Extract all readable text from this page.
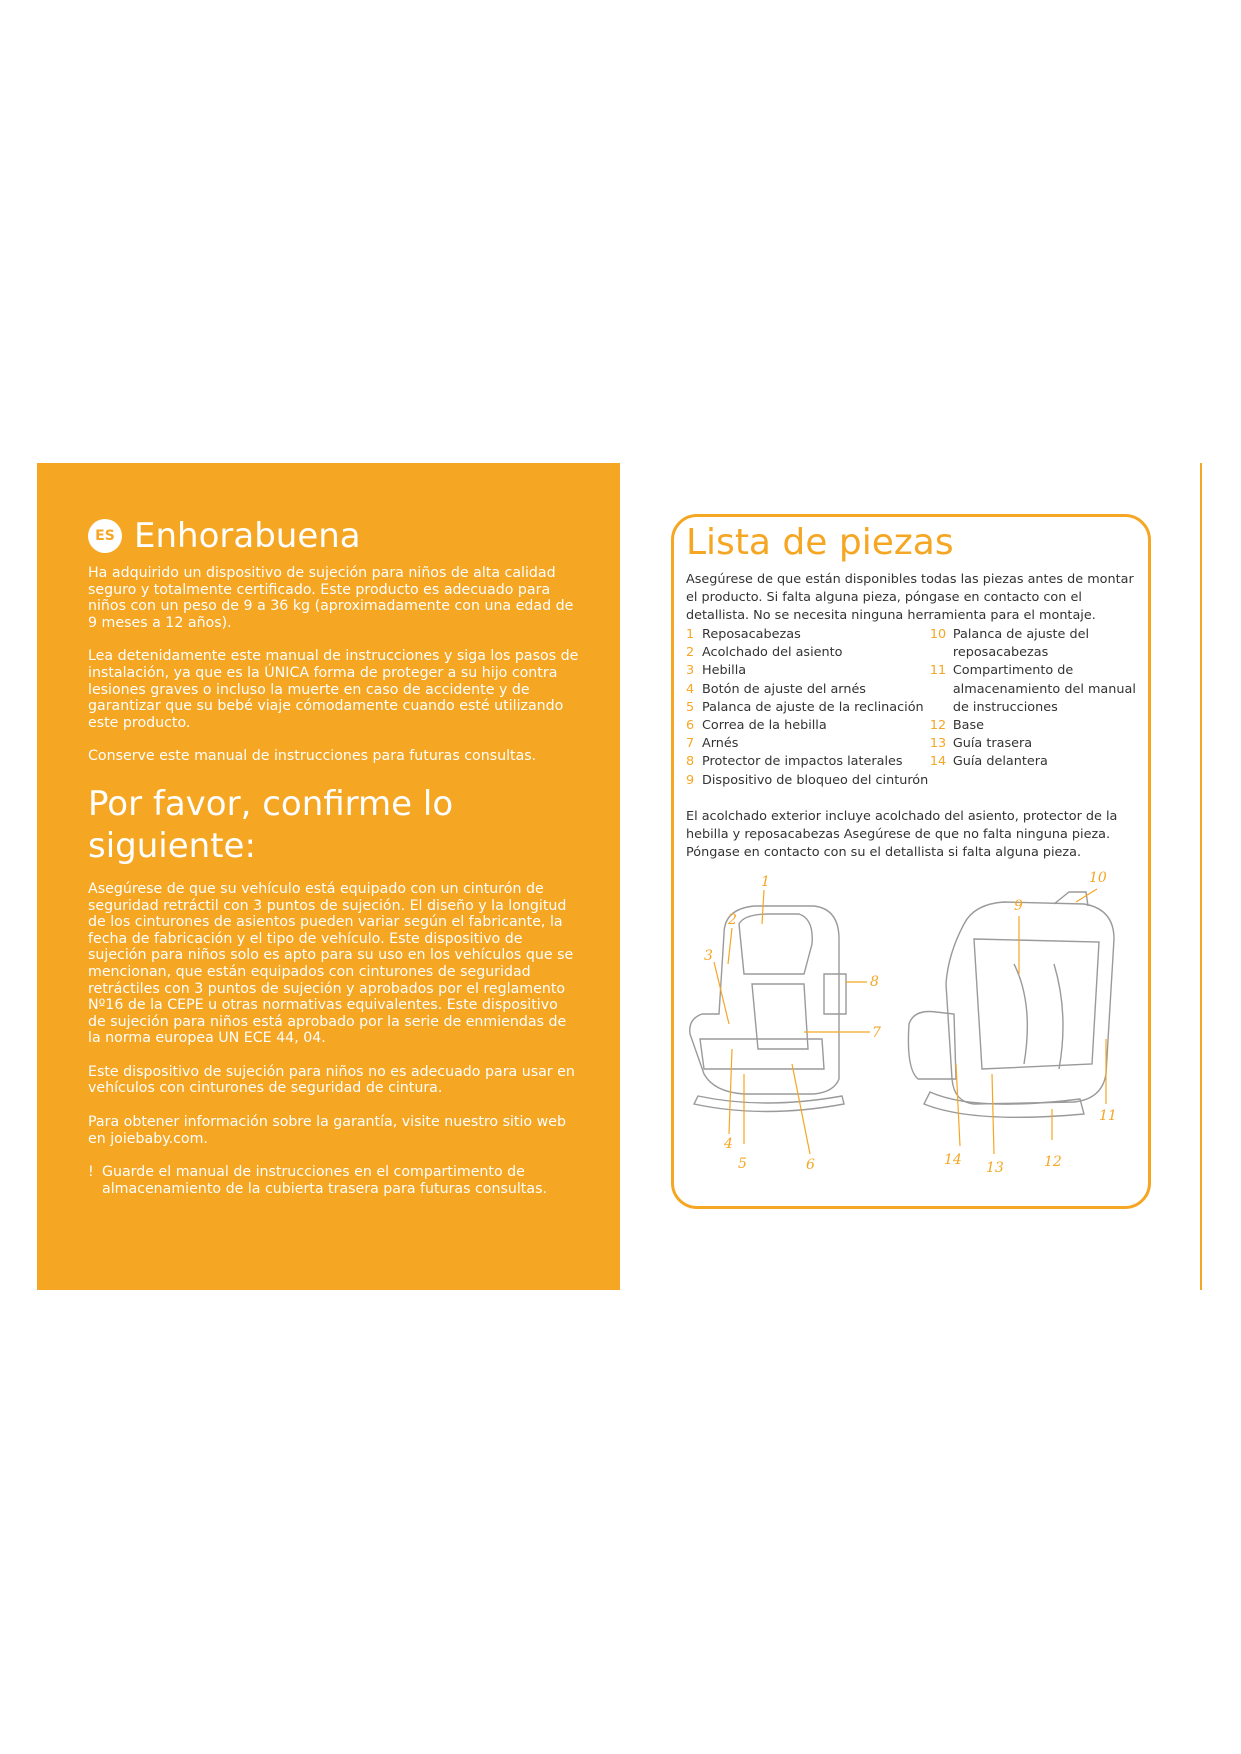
ES Enhorabuena

Ha adquirido un dispositivo de sujeción para niños de alta calidad seguro y totalmente certificado. Este producto es adecuado para niños con un peso de 9 a 36 kg (aproximadamente con una edad de 9 meses a 12 años).

Lea detenidamente este manual de instrucciones y siga los pasos de instalación, ya que es la ÚNICA forma de proteger a su hijo contra lesiones graves o incluso la muerte en caso de accidente y de garantizar que su bebé viaje cómodamente cuando esté utilizando este producto.

Conserve este manual de instrucciones para futuras consultas.

Por favor, confirme lo siguiente:

Asegúrese de que su vehículo está equipado con un cinturón de seguridad retráctil con 3 puntos de sujeción. El diseño y la longitud de los cinturones de asientos pueden variar según el fabricante, la fecha de fabricación y el tipo de vehículo. Este dispositivo de sujeción para niños solo es apto para su uso en los vehículos que se mencionan, que están equipados con cinturones de seguridad retráctiles con 3 puntos de sujeción y aprobados por el reglamento Nº16 de la CEPE u otras normativas equivalentes. Este dispositivo de sujeción para niños está aprobado por la serie de enmiendas de la norma europea UN ECE 44, 04.

Este dispositivo de sujeción para niños no es adecuado para usar en vehículos con cinturones de seguridad de cintura.

Para obtener información sobre la garantía, visite nuestro sitio web en joiebaby.com.

! Guarde el manual de instrucciones en el compartimento de almacenamiento de la cubierta trasera para futuras consultas.
Lista de piezas

Asegúrese de que están disponibles todas las piezas antes de montar el producto. Si falta alguna pieza, póngase en contacto con el detallista. No se necesita ninguna herramienta para el montaje.

1 Reposacabezas
2 Acolchado del asiento
3 Hebilla
4 Botón de ajuste del arnés
5 Palanca de ajuste de la reclinación
6 Correa de la hebilla
7 Arnés
8 Protector de impactos laterales
9 Dispositivo de bloqueo del cinturón
10 Palanca de ajuste del reposacabezas
11 Compartimento de almacenamiento del manual de instrucciones
12 Base
13 Guía trasera
14 Guía delantera

El acolchado exterior incluye acolchado del asiento, protector de la hebilla y reposacabezas Asegúrese de que no falta ninguna pieza. Póngase en contacto con su el detallista si falta alguna pieza.

1
2
3
4
5	6
7
8
9
10
11
12
13
14
